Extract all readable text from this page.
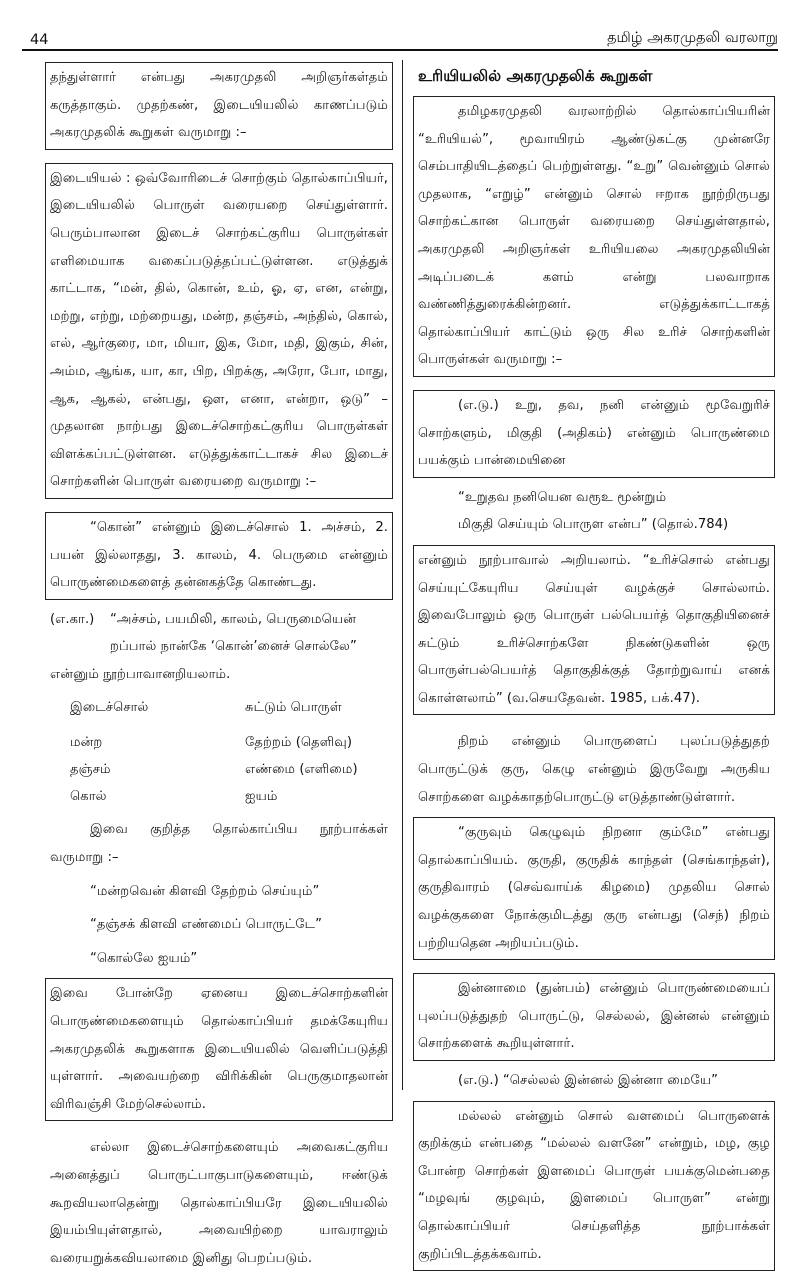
44	தமிழ் அகரமுதலி வரலாறு

தந்துள்ளார் என்பது அகரமுதலி அறிஞர்கள்தம் கருத்தாகும். முதற்கண், இடையியலில் காணப்படும் அகரமுதலிக் கூறுகள் வருமாறு :–

இடையியல் : ஒவ்வோரிடைச் சொற்கும் தொல்காப்பியர், இடையியலில் பொருள் வரையறை செய்துள்ளார். பெரும்பாலான இடைச் சொற்கட்குரிய பொருள்கள் எளிமையாக வகைப்படுத்தப்பட்டுள்ளன. எடுத்துக் காட்டாக, “மன், தில், கொன், உம், ஓ, ஏ, என, என்று, மற்று, எற்று, மற்றையது, மன்ற, தஞ்சம், அந்தில், கொல், எல், ஆர்குரை, மா, மியா, இக, மோ, மதி, இகும், சின், அம்ம, ஆங்க, யா, கா, பிற, பிறக்கு, அரோ, போ, மாது, ஆக, ஆகல், என்பது, ஔ, எனா, என்றா, ஒடு” – முதலான நாற்பது இடைச்சொற்கட்குரிய பொருள்கள் விளக்கப்பட்டுள்ளன. எடுத்துக்காட்டாகச் சில இடைச் சொற்களின் பொருள் வரையறை வருமாறு :–

“கொன்” என்னும் இடைச்சொல் 1. அச்சம், 2. பயன் இல்லாதது, 3. காலம், 4. பெருமை என்னும் பொருண்மைகளைத் தன்னகத்தே கொண்டது.

(எ.கா.)	“அச்சம், பயமிலி, காலம், பெருமையென்
றப்பால் நான்கே ‘கொன்’னைச் சொல்லே”
என்னும் நூற்பாவானறியலாம்.
இடைச்சொல்	சுட்டும் பொருள்
மன்ற	தேற்றம் (தெளிவு)
தஞ்சம்	எண்மை (எளிமை)
கொல்	ஐயம்

இவை குறித்த தொல்காப்பிய நூற்பாக்கள் வருமாறு :–

“மன்றவென் கிளவி தேற்றம் செய்யும்”
“தஞ்சக் கிளவி எண்மைப் பொருட்டே”
“கொல்லே ஐயம்”

இவை போன்றே ஏனைய இடைச்சொற்களின் பொருண்மைகளையும் தொல்காப்பியர் தமக்கேயுரிய அகரமுதலிக் கூறுகளாக இடையியலில் வெளிப்படுத்தி யுள்ளார். அவையற்றை விரிக்கின் பெருகுமாதலான் விரிவஞ்சி மேற்செல்லாம்.

எல்லா இடைச்சொற்களையும் அவைகட்குரிய அனைத்துப் பொருட்பாகுபாடுகளையும், ஈண்டுக் கூறவியலாதென்று தொல்காப்பியரே இடையியலில் இயம்பியுள்ளதால், அவையிற்றை யாவராலும் வரையறுக்கவியலாமை இனிது பெறப்படும்.

உரியியலில் அகரமுதலிக் கூறுகள்

தமிழகரமுதலி வரலாற்றில் தொல்காப்பியரின் “உரியியல்”, மூவாயிரம் ஆண்டுகட்கு முன்னரே செம்பாதியிடத்தைப் பெற்றுள்ளது. “உறு” வென்னும் சொல் முதலாக, “எறுழ்” என்னும் சொல் ஈறாக நூற்றிருபது சொற்கட்கான பொருள் வரையறை செய்துள்ளதால், அகரமுதலி அறிஞர்கள் உரியியலை அகரமுதலியின் அடிப்படைக் களம் என்று பலவாறாக வண்ணித்துரைக்கின்றனர். எடுத்துக்காட்டாகத் தொல்காப்பியர் காட்டும் ஒரு சில உரிச் சொற்களின் பொருள்கள் வருமாறு :–

(எ.டு.) உறு, தவ, நனி என்னும் மூவேறுரிச் சொற்களும், மிகுதி (அதிகம்) என்னும் பொருண்மை பயக்கும் பான்மையினை

“உறுதவ நனியென வரூஉ மூன்றும்
மிகுதி செய்யும் பொருள என்ப” (தொல்.784)

என்னும் நூற்பாவால் அறியலாம். “உரிச்சொல் என்பது செய்யுட்கேயுரிய செய்யுள் வழக்குச் சொல்லாம். இவைபோலும் ஒரு பொருள் பல்பெயர்த் தொகுதியினைச் சுட்டும் உரிச்சொற்களே நிகண்டுகளின் ஒரு பொருள்பல்பெயர்த் தொகுதிக்குத் தோற்றுவாய் எனக் கொள்ளலாம்” (வ.செயதேவன். 1985, பக்.47).

நிறம் என்னும் பொருளைப் புலப்படுத்துதற் பொருட்டுக் குரு, கெழு என்னும் இருவேறு அருகிய சொற்களை வழக்காதற்பொருட்டு எடுத்தாண்டுள்ளார்.

“குருவும் கெழுவும் நிறனா கும்மே” என்பது தொல்காப்பியம். குருதி, குருதிக் காந்தள் (செங்காந்தள்), குருதிவாரம் (செவ்வாய்க் கிழமை) முதலிய சொல் வழக்குகளை நோக்குமிடத்து குரு என்பது (செந்) நிறம் பற்றியதென அறியப்படும்.

இன்னாமை (துன்பம்) என்னும் பொருண்மையைப் புலப்படுத்துதற் பொருட்டு, செல்லல், இன்னல் என்னும் சொற்களைக் கூறியுள்ளார்.

(எ.டு.) “செல்லல் இன்னல் இன்னா மையே”

மல்லல் என்னும் சொல் வளமைப் பொருளைக் குறிக்கும் என்பதை “மல்லல் வளனே” என்றும், மழ, குழ போன்ற சொற்கள் இளமைப் பொருள் பயக்குமென்பதை “மழவுங் குழவும், இளமைப் பொருள” என்று தொல்காப்பியர் செய்தளித்த நூற்பாக்கள் குறிப்பிடத்தக்கவாம்.
